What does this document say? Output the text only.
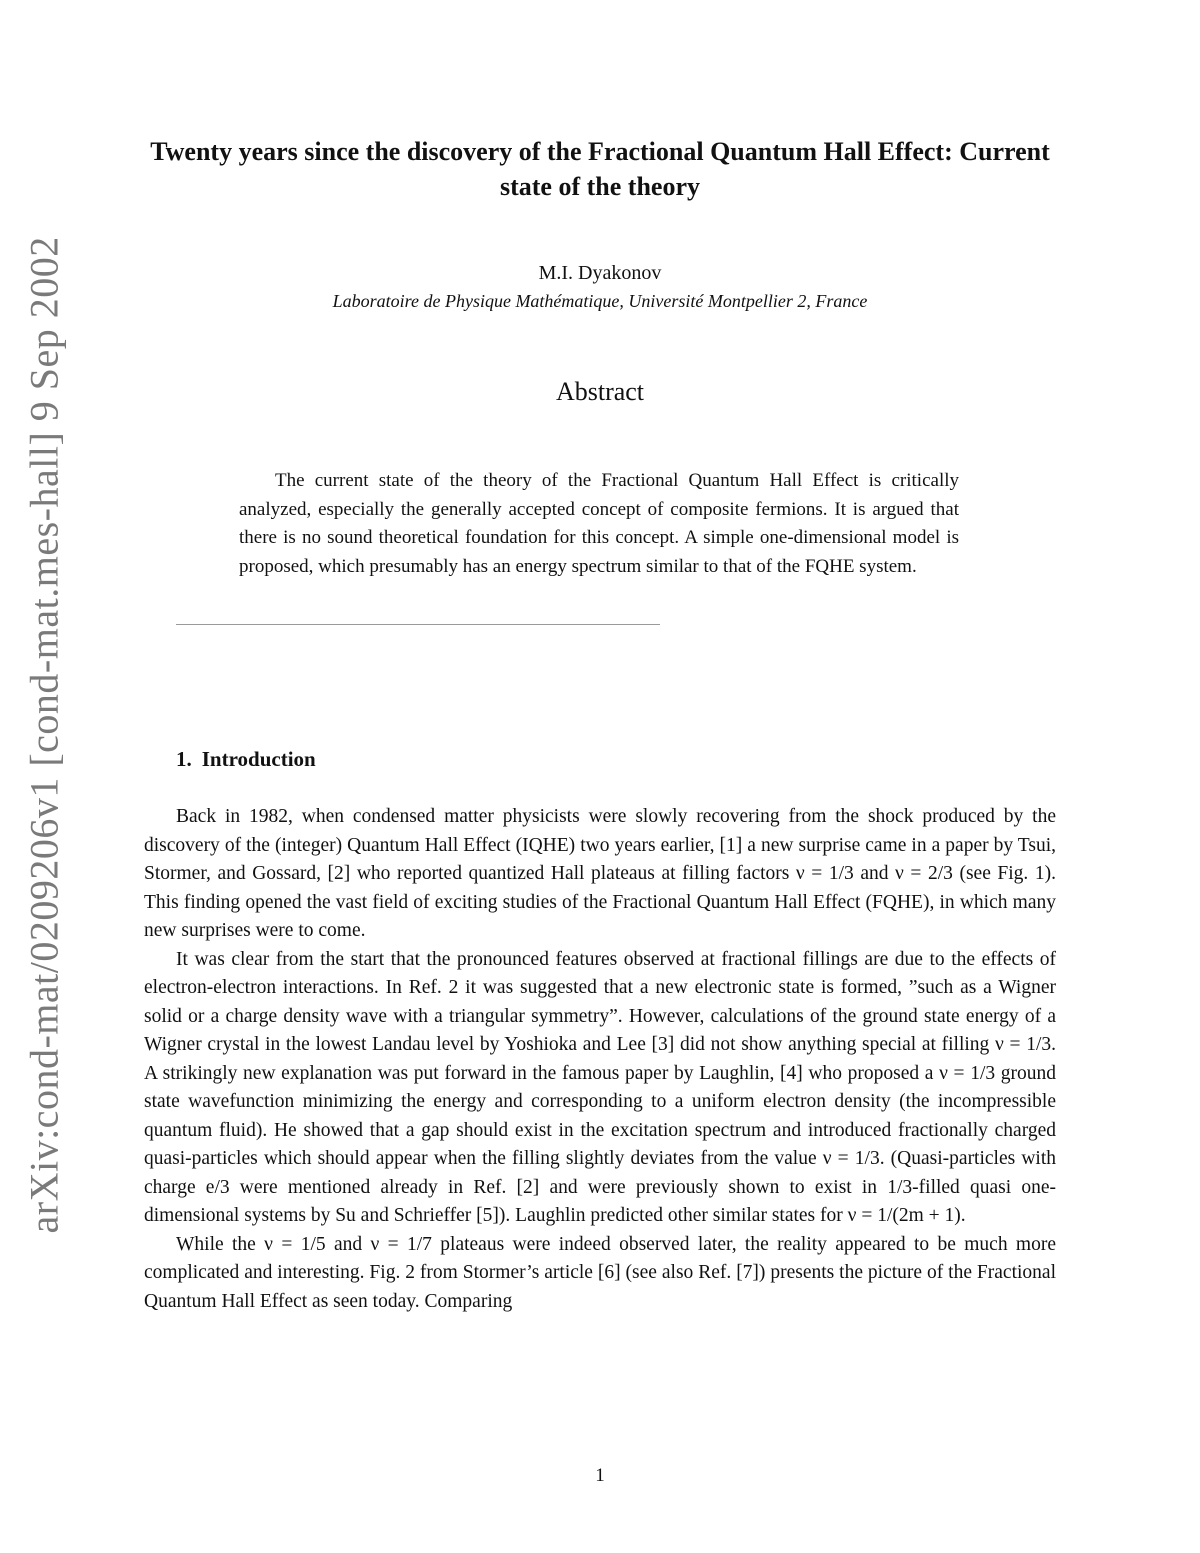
arXiv:cond-mat/0209206v1 [cond-mat.mes-hall] 9 Sep 2002
Twenty years since the discovery of the Fractional Quantum Hall Effect: Current state of the theory
M.I. Dyakonov
Laboratoire de Physique Mathématique, Université Montpellier 2, France
Abstract

The current state of the theory of the Fractional Quantum Hall Effect is critically analyzed, especially the generally accepted concept of composite fermions. It is argued that there is no sound theoretical foundation for this concept. A simple one-dimensional model is proposed, which presumably has an energy spectrum similar to that of the FQHE system.

1. Introduction

Back in 1982, when condensed matter physicists were slowly recovering from the shock produced by the discovery of the (integer) Quantum Hall Effect (IQHE) two years earlier, [1] a new surprise came in a paper by Tsui, Stormer, and Gossard, [2] who reported quantized Hall plateaus at filling factors ν = 1/3 and ν = 2/3 (see Fig. 1). This finding opened the vast field of exciting studies of the Fractional Quantum Hall Effect (FQHE), in which many new surprises were to come.

It was clear from the start that the pronounced features observed at fractional fillings are due to the effects of electron-electron interactions. In Ref. 2 it was suggested that a new electronic state is formed, ”such as a Wigner solid or a charge density wave with a triangular symmetry”. However, calculations of the ground state energy of a Wigner crystal in the lowest Landau level by Yoshioka and Lee [3] did not show anything special at filling ν = 1/3. A strikingly new explanation was put forward in the famous paper by Laughlin, [4] who proposed a ν = 1/3 ground state wavefunction minimizing the energy and corresponding to a uniform electron density (the incompressible quantum fluid). He showed that a gap should exist in the excitation spectrum and introduced fractionally charged quasi-particles which should appear when the filling slightly deviates from the value ν = 1/3. (Quasi-particles with charge e/3 were mentioned already in Ref. [2] and were previously shown to exist in 1/3-filled quasi one-dimensional systems by Su and Schrieffer [5]). Laughlin predicted other similar states for ν = 1/(2m + 1).

While the ν = 1/5 and ν = 1/7 plateaus were indeed observed later, the reality appeared to be much more complicated and interesting. Fig. 2 from Stormer’s article [6] (see also Ref. [7]) presents the picture of the Fractional Quantum Hall Effect as seen today. Comparing

1
